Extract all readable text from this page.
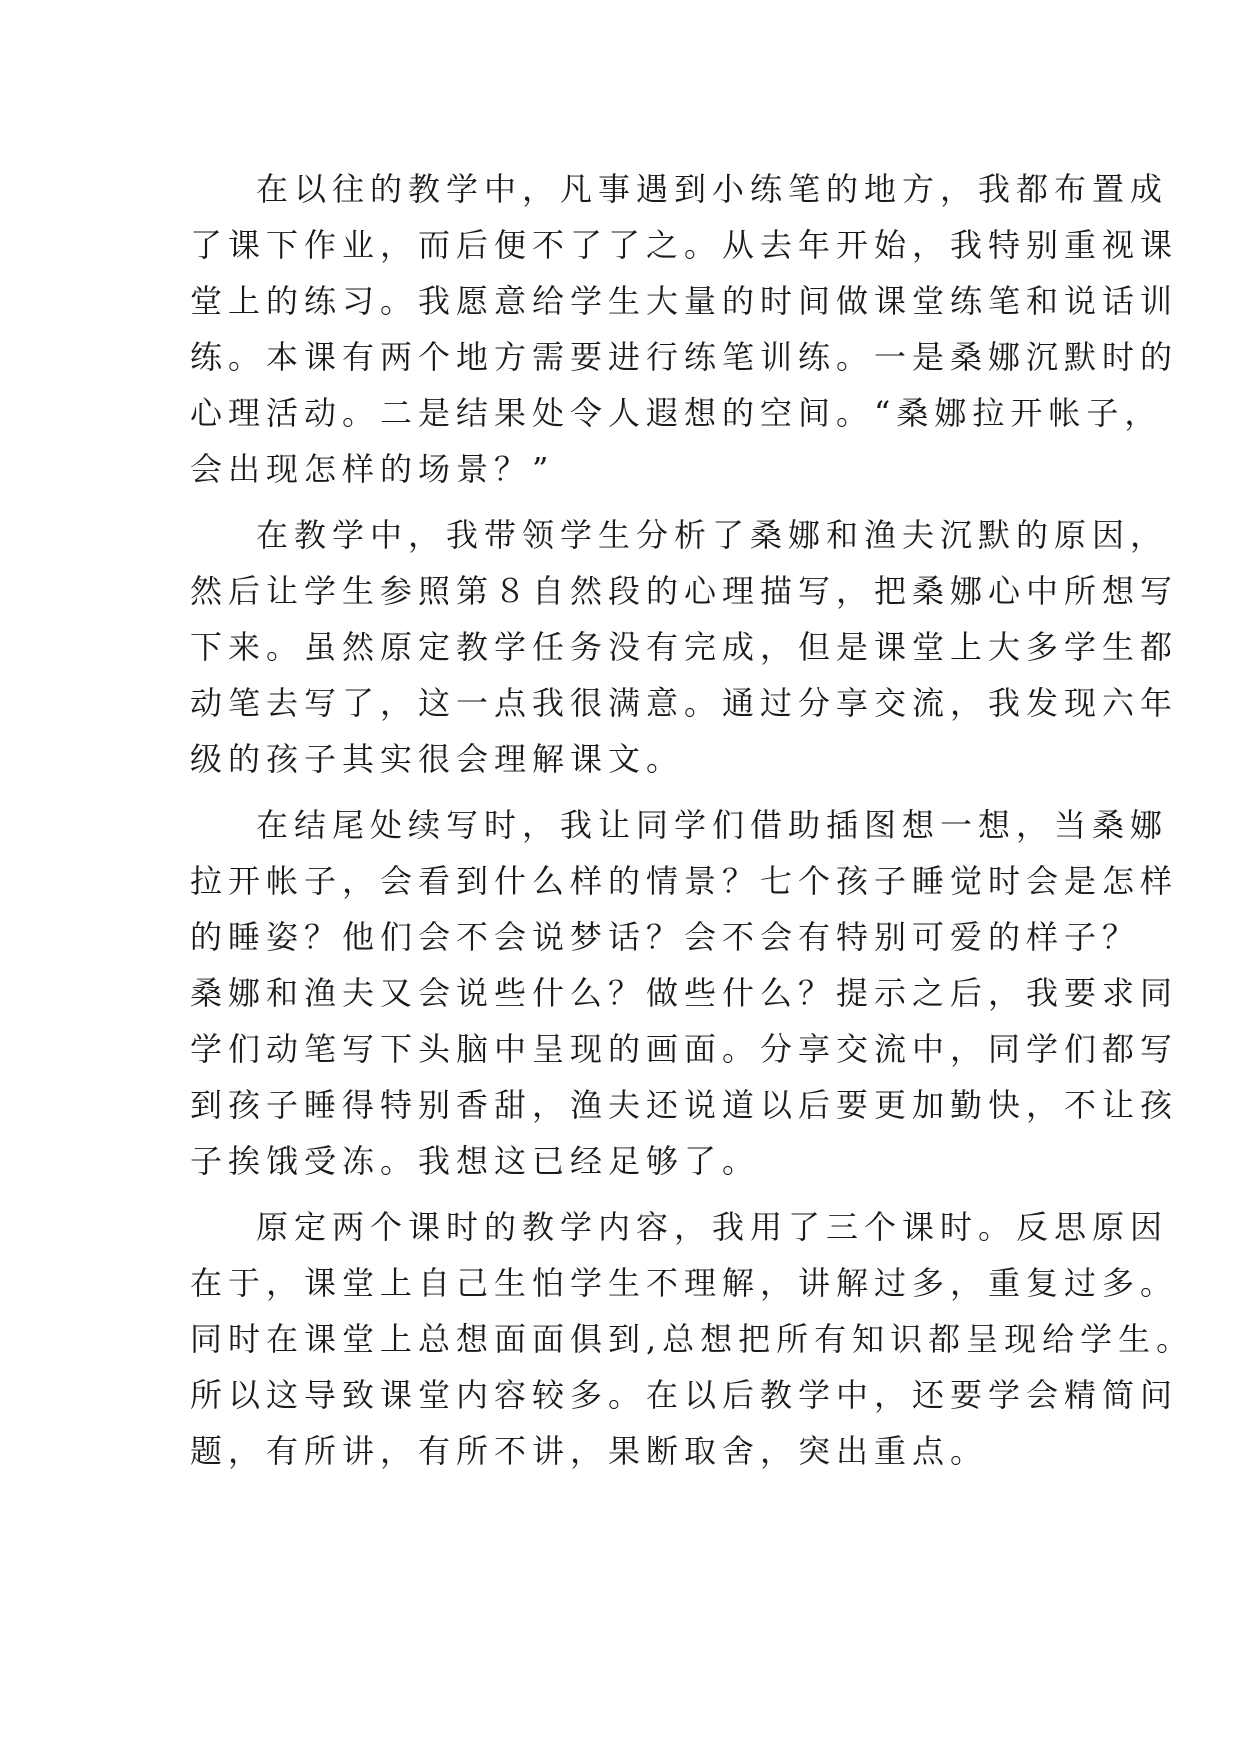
在以往的教学中，凡事遇到小练笔的地方，我都布置成
了课下作业，而后便不了了之。从去年开始，我特别重视课
堂上的练习。我愿意给学生大量的时间做课堂练笔和说话训
练。本课有两个地方需要进行练笔训练。一是桑娜沉默时的
心理活动。二是结果处令人遐想的空间。“桑娜拉开帐子，
会出现怎样的场景？”
在教学中，我带领学生分析了桑娜和渔夫沉默的原因，
然后让学生参照第８自然段的心理描写，把桑娜心中所想写
下来。虽然原定教学任务没有完成，但是课堂上大多学生都
动笔去写了，这一点我很满意。通过分享交流，我发现六年
级的孩子其实很会理解课文。
在结尾处续写时，我让同学们借助插图想一想，当桑娜
拉开帐子，会看到什么样的情景？七个孩子睡觉时会是怎样
的睡姿？他们会不会说梦话？会不会有特别可爱的样子？
桑娜和渔夫又会说些什么？做些什么？提示之后，我要求同
学们动笔写下头脑中呈现的画面。分享交流中，同学们都写
到孩子睡得特别香甜，渔夫还说道以后要更加勤快，不让孩
子挨饿受冻。我想这已经足够了。
原定两个课时的教学内容，我用了三个课时。反思原因
在于，课堂上自己生怕学生不理解，讲解过多，重复过多。
同时在课堂上总想面面俱到,总想把所有知识都呈现给学生。
所以这导致课堂内容较多。在以后教学中，还要学会精简问
题，有所讲，有所不讲，果断取舍，突出重点。
